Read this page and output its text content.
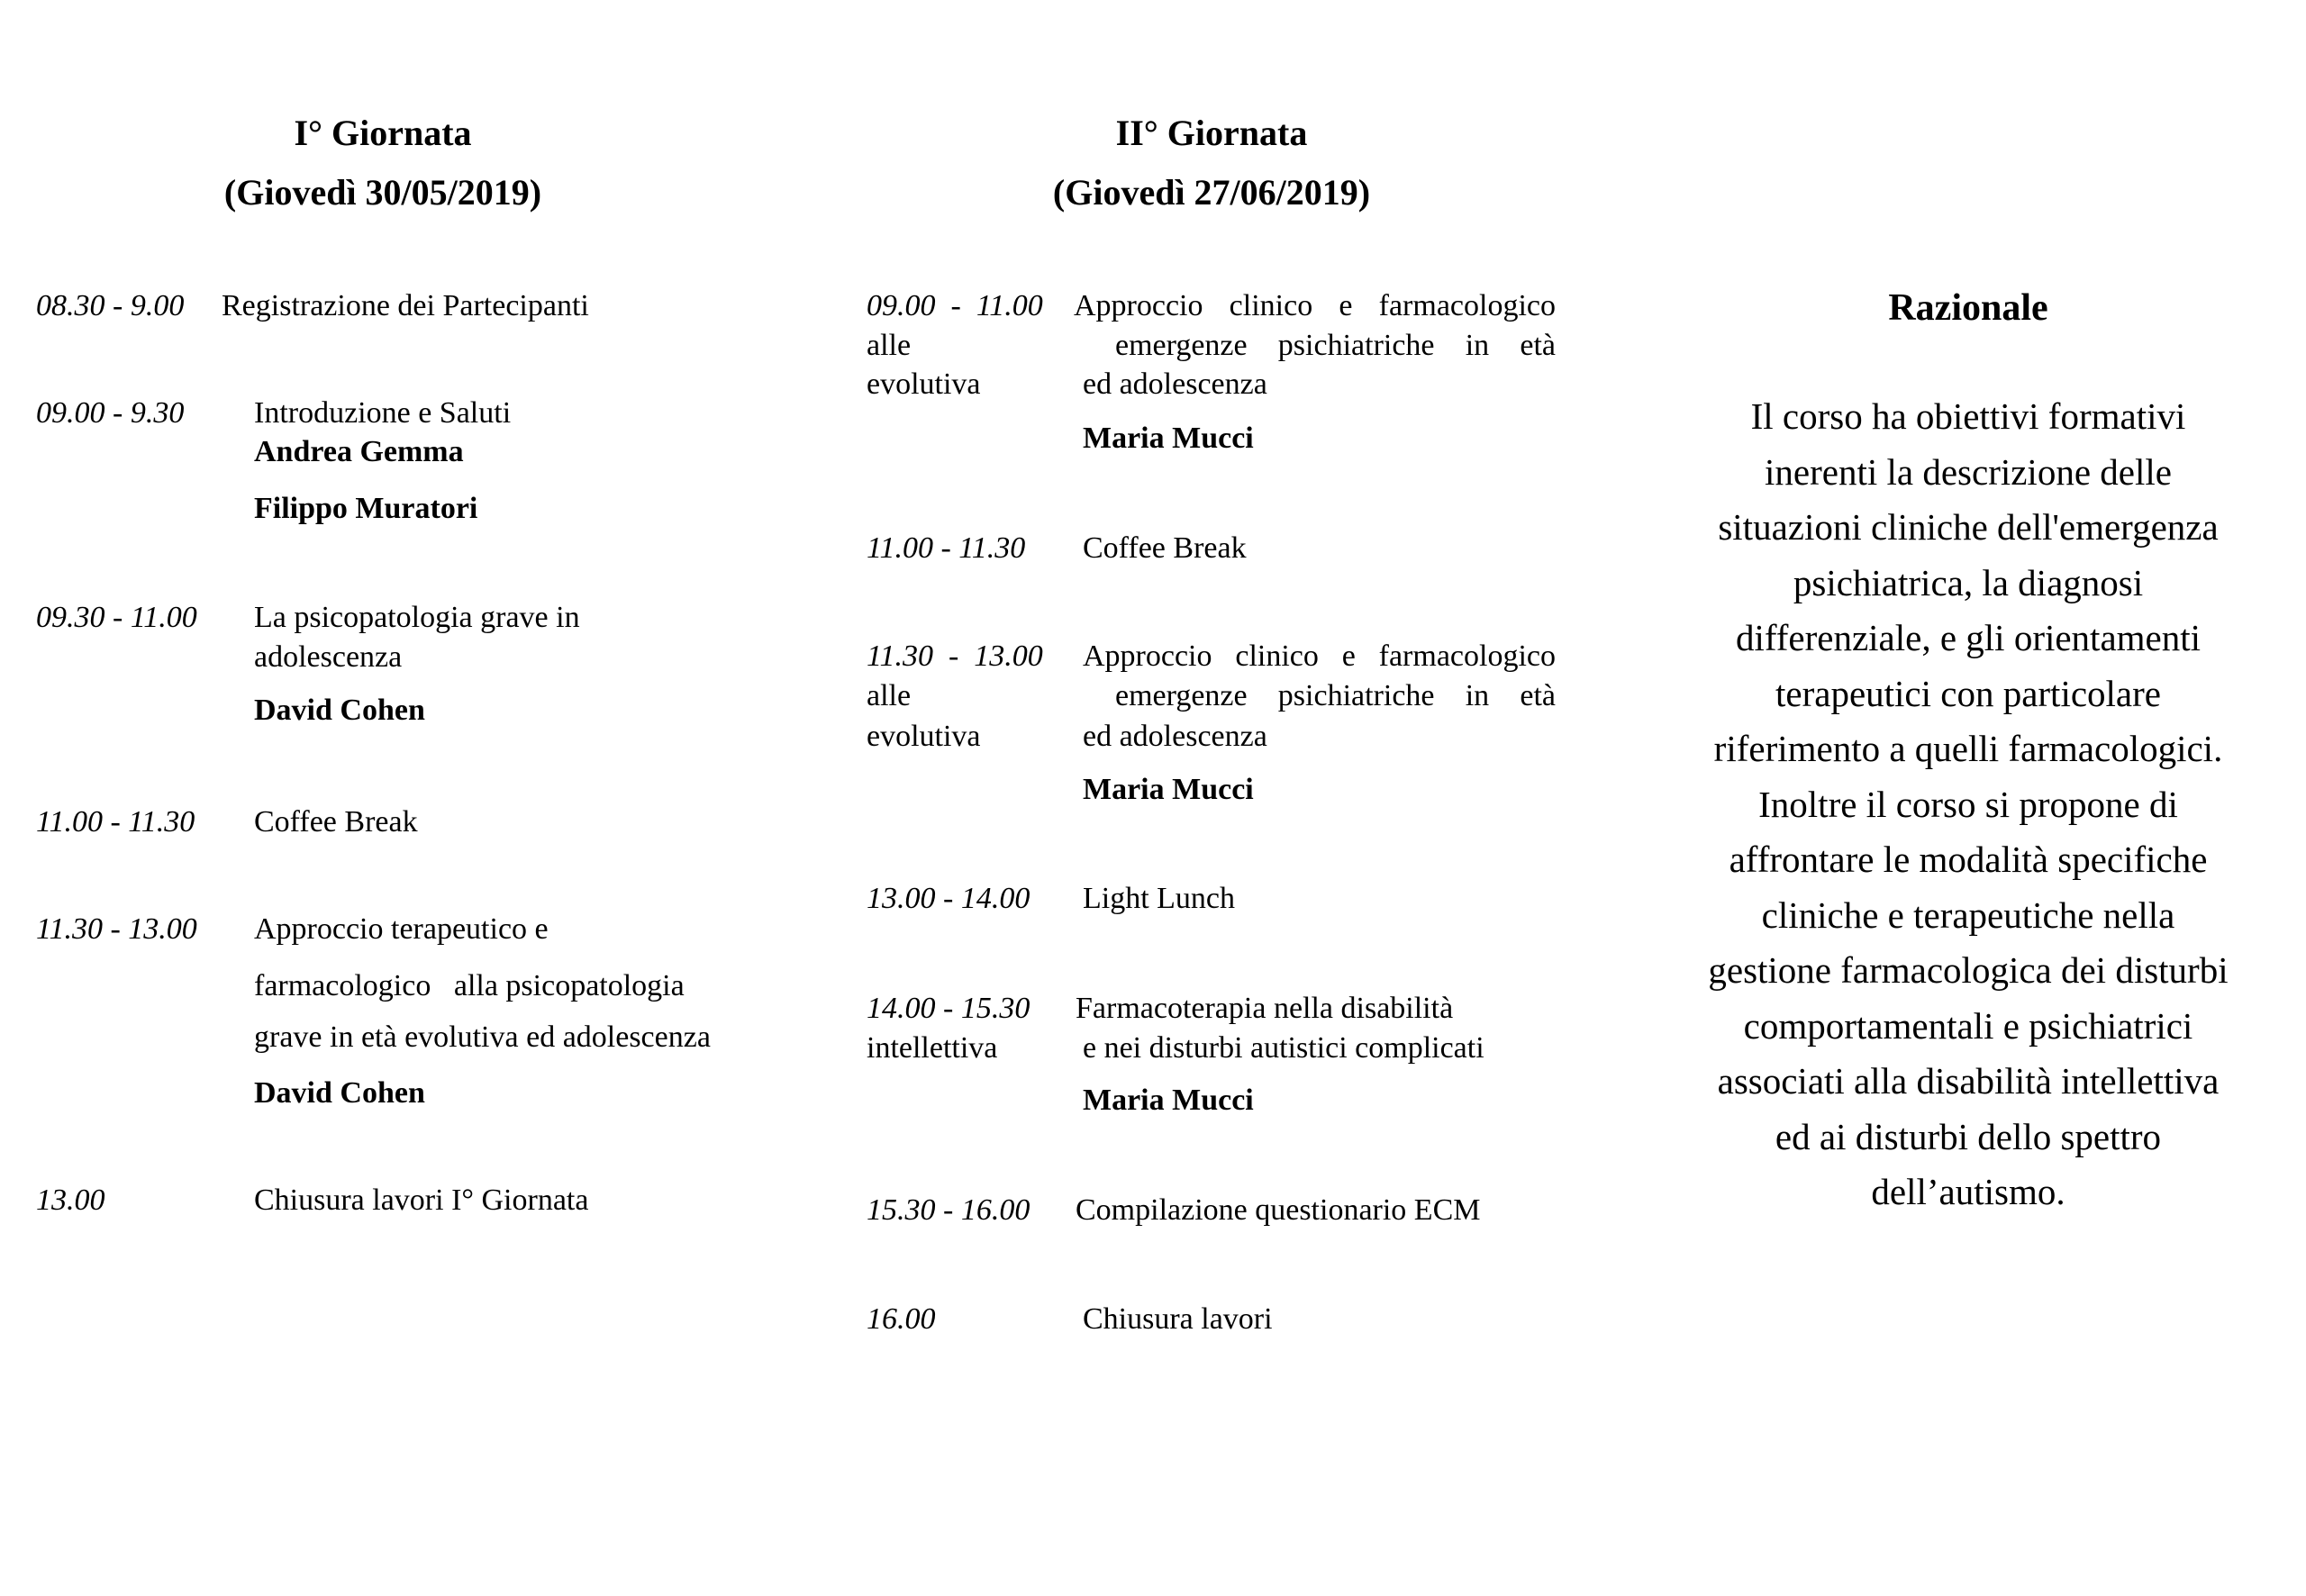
I° Giornata
(Giovedì 30/05/2019)
II° Giornata
(Giovedì 27/06/2019)
08.30 - 9.00 Registrazione dei Partecipanti
09.00 - 9.30 Introduzione e Saluti
Andrea Gemma
Filippo Muratori
09.30 - 11.00 La psicopatologia grave in
adolescenza
David Cohen
11.00 - 11.30 Coffee Break
11.30 - 13.00 Approccio terapeutico e
farmacologico   alla psicopatologia
grave in età evolutiva ed adolescenza
David Cohen
13.00	Chiusura lavori I° Giornata
09.00  -  11.00 Approccio clinico e farmacologico
alle	emergenze psichiatriche in età
evolutiva	ed adolescenza
Maria Mucci
11.00 - 11.30 Coffee Break
11.30  -  13.00 Approccio clinico e farmacologico
alle	emergenze psichiatriche in età
evolutiva	ed adolescenza
Maria Mucci
13.00 - 14.00 Light Lunch
14.00 - 15.30 Farmacoterapia nella disabilità
intellettiva	e nei disturbi autistici complicati
Maria Mucci
15.30 - 16.00 Compilazione questionario ECM
16.00	Chiusura lavori
Razionale
Il corso ha obiettivi formativi
inerenti la descrizione delle
situazioni cliniche dell'emergenza
psichiatrica, la diagnosi
differenziale, e gli orientamenti
terapeutici con particolare
riferimento a quelli farmacologici.
Inoltre il corso si propone di
affrontare le modalità specifiche
cliniche e terapeutiche nella
gestione farmacologica dei disturbi
comportamentali e psichiatrici
associati alla disabilità intellettiva
ed ai disturbi dello spettro
dell’autismo.
